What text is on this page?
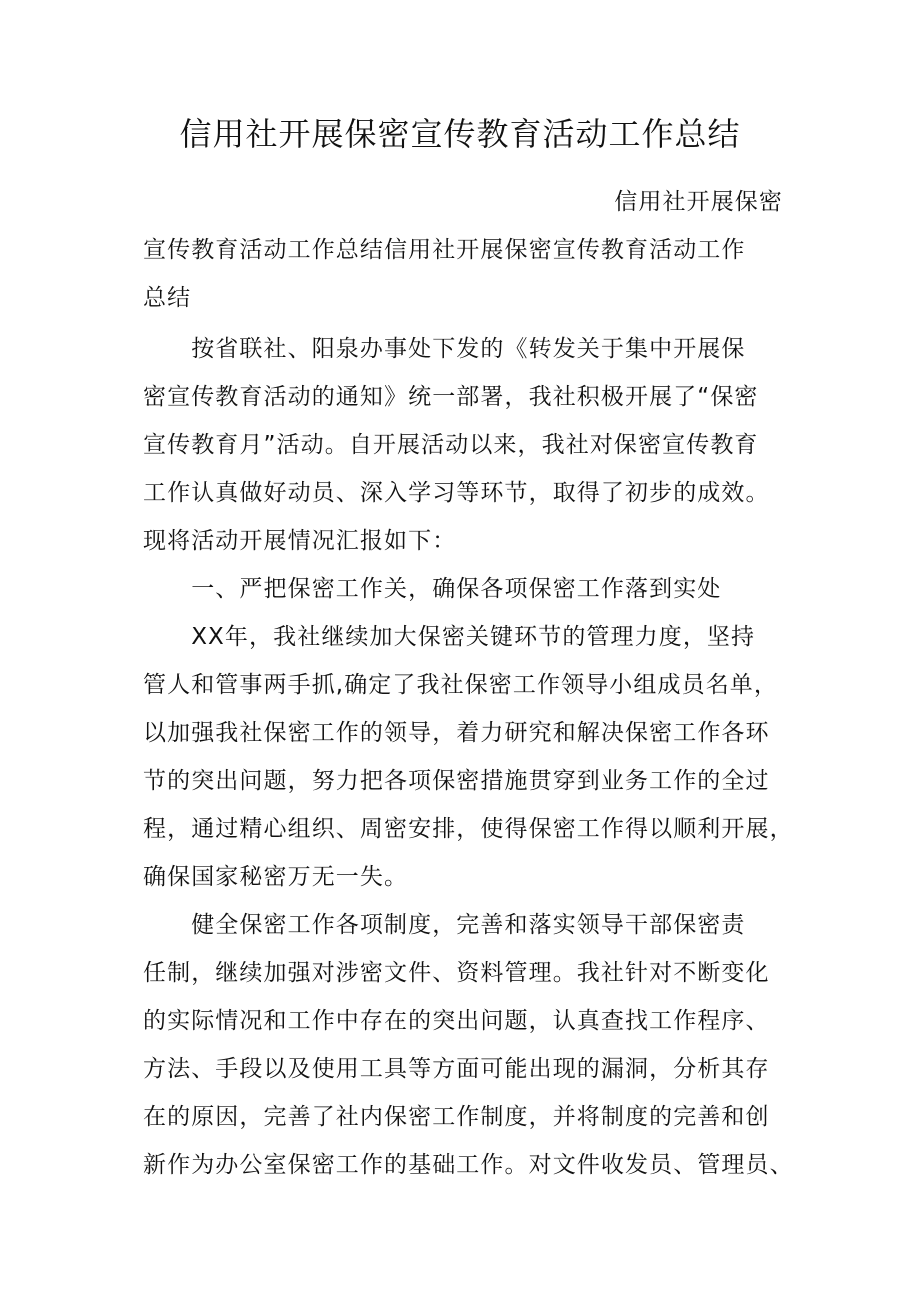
信用社开展保密宣传教育活动工作总结
信用社开展保密
宣传教育活动工作总结信用社开展保密宣传教育活动工作
总结
　　按省联社、阳泉办事处下发的《转发关于集中开展保
密宣传教育活动的通知》统一部署，我社积极开展了“保密
宣传教育月”活动。自开展活动以来，我社对保密宣传教育
工作认真做好动员、深入学习等环节，取得了初步的成效。
现将活动开展情况汇报如下：
　　一、严把保密工作关，确保各项保密工作落到实处
　　XX年，我社继续加大保密关键环节的管理力度，坚持
管人和管事两手抓,确定了我社保密工作领导小组成员名单，
以加强我社保密工作的领导，着力研究和解决保密工作各环
节的突出问题，努力把各项保密措施贯穿到业务工作的全过
程，通过精心组织、周密安排，使得保密工作得以顺利开展，
确保国家秘密万无一失。
　　健全保密工作各项制度，完善和落实领导干部保密责
任制，继续加强对涉密文件、资料管理。我社针对不断变化
的实际情况和工作中存在的突出问题，认真查找工作程序、
方法、手段以及使用工具等方面可能出现的漏洞，分析其存
在的原因，完善了社内保密工作制度，并将制度的完善和创
新作为办公室保密工作的基础工作。对文件收发员、管理员、
